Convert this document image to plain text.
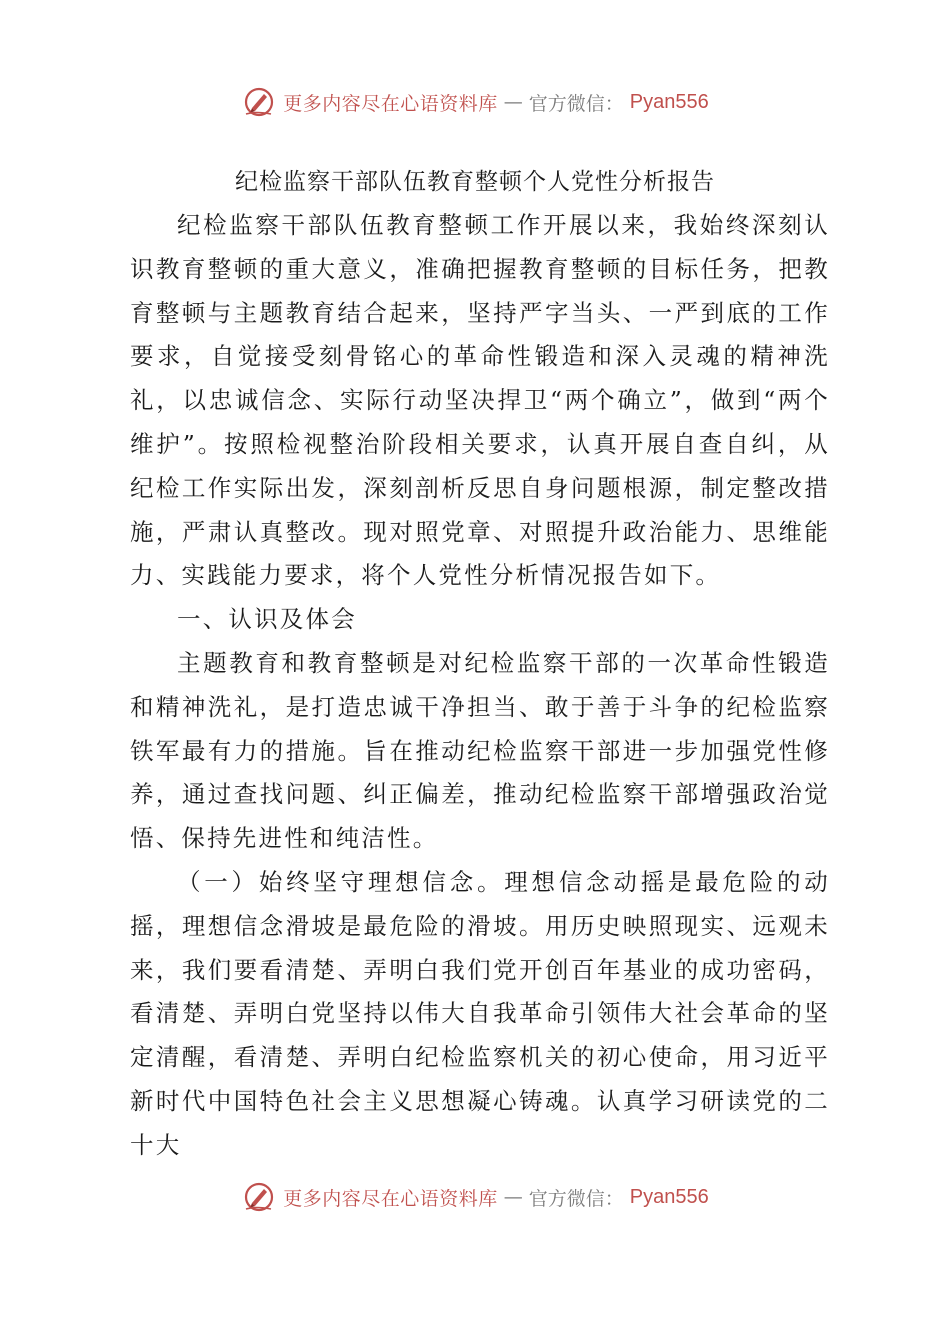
更多内容尽在心语资料库 — 官方微信： Pyan556
纪检监察干部队伍教育整顿个人党性分析报告

纪检监察干部队伍教育整顿工作开展以来，我始终深刻认识教育整顿的重大意义，准确把握教育整顿的目标任务，把教育整顿与主题教育结合起来，坚持严字当头、一严到底的工作要求，自觉接受刻骨铭心的革命性锻造和深入灵魂的精神洗礼，以忠诚信念、实际行动坚决捍卫“两个确立”，做到“两个维护”。按照检视整治阶段相关要求，认真开展自查自纠，从纪检工作实际出发，深刻剖析反思自身问题根源，制定整改措施，严肃认真整改。现对照党章、对照提升政治能力、思维能力、实践能力要求，将个人党性分析情况报告如下。

一、认识及体会

主题教育和教育整顿是对纪检监察干部的一次革命性锻造和精神洗礼，是打造忠诚干净担当、敢于善于斗争的纪检监察铁军最有力的措施。旨在推动纪检监察干部进一步加强党性修养，通过查找问题、纠正偏差，推动纪检监察干部增强政治觉悟、保持先进性和纯洁性。

（一）始终坚守理想信念。理想信念动摇是最危险的动摇，理想信念滑坡是最危险的滑坡。用历史映照现实、远观未来，我们要看清楚、弄明白我们党开创百年基业的成功密码，看清楚、弄明白党坚持以伟大自我革命引领伟大社会革命的坚定清醒，看清楚、弄明白纪检监察机关的初心使命，用习近平新时代中国特色社会主义思想凝心铸魂。认真学习研读党的二十大

更多内容尽在心语资料库 — 官方微信： Pyan556
